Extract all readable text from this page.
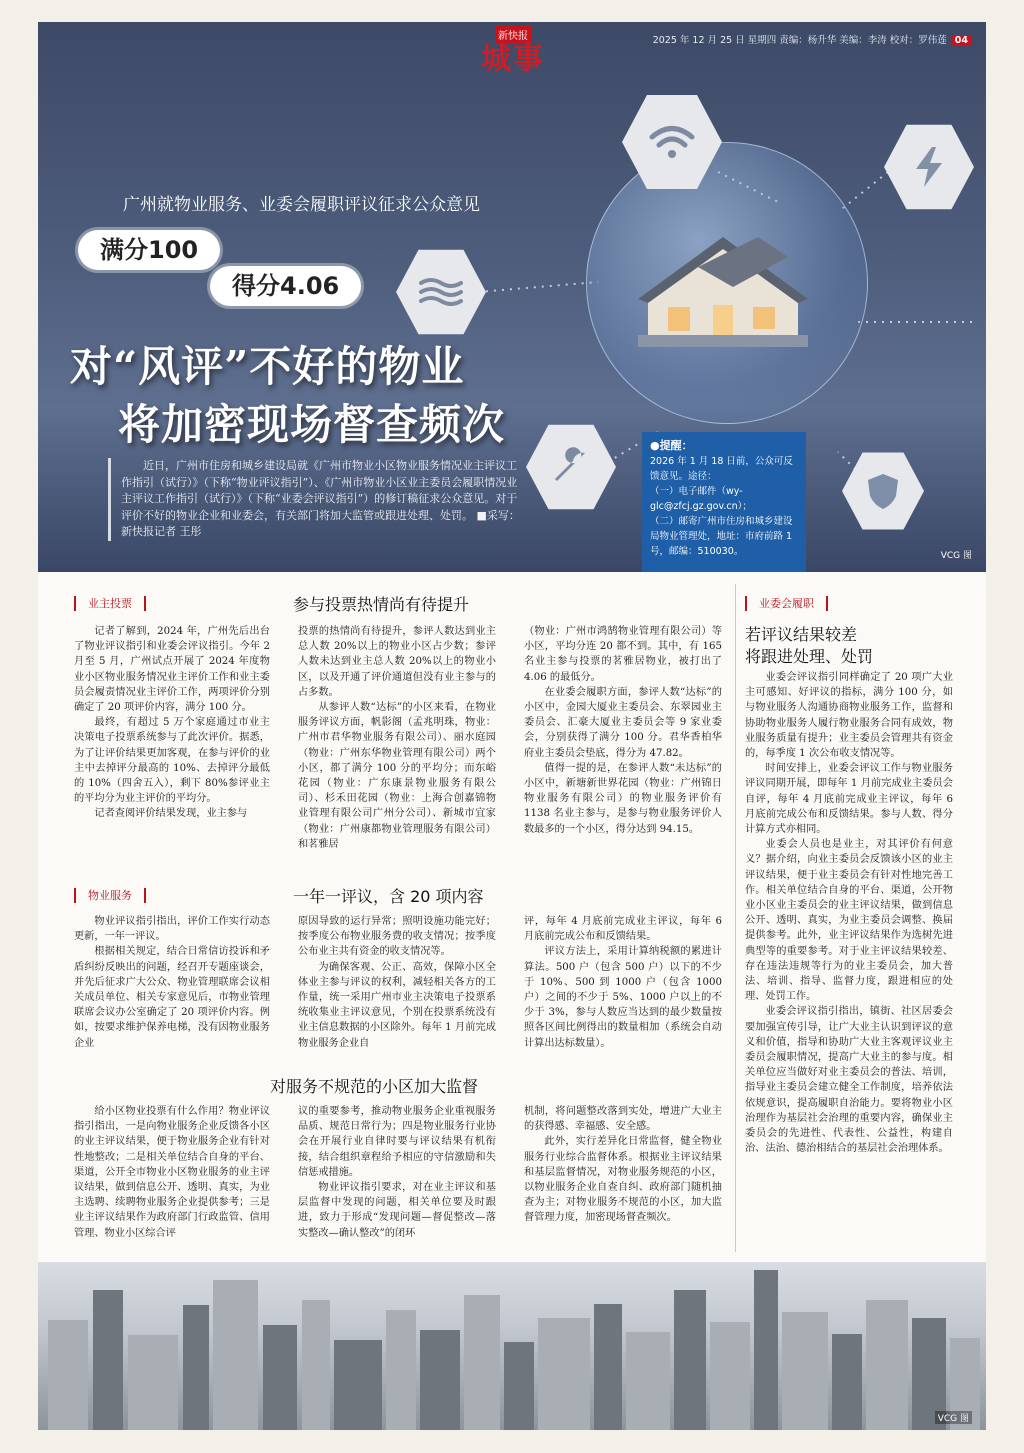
新快报
城事
2025 年 12 月 25 日 星期四 责编：杨升华 美编：李涛 校对：罗伟莲 04
广州就物业服务、业委会履职评议征求公众意见
满分100
得分4.06
对“风评”不好的物业
将加密现场督查频次
近日，广州市住房和城乡建设局就《广州市物业小区物业服务情况业主评议工作指引（试行）》（下称“物业评议指引”）、《广州市物业小区业主委员会履职情况业主评议工作指引（试行）》（下称“业委会评议指引”）的修订稿征求公众意见。对于评价不好的物业企业和业委会，有关部门将加大监管或跟进处理、处罚。 ■采写：新快报记者 王彤
●提醒：
2026 年 1 月 18 日前，公众可反馈意见。途径：
（一）电子邮件（wy-glc@zfcj.gz.gov.cn）；
（二）邮寄广州市住房和城乡建设局物业管理处，地址：市府前路 1 号，邮编：510030。	VCG 图
业主投票	参与投票热情尚有待提升

记者了解到，2024 年，广州先后出台了物业评议指引和业委会评议指引。今年 2 月至 5 月，广州试点开展了 2024 年度物业小区物业服务情况业主评价工作和业主委员会履责情况业主评价工作，两项评价分别确定了 20 项评价内容，满分 100 分。

最终，有超过 5 万个家庭通过市业主决策电子投票系统参与了此次评价。据悉，为了让评价结果更加客观，在参与评价的业主中去掉评分最高的 10%、去掉评分最低的 10%（四舍五入），剩下 80%参评业主的平均分为业主评价的平均分。

记者查阅评价结果发现，业主参与

投票的热情尚有待提升，参评人数达到业主总人数 20%以上的物业小区占少数；参评人数未达到业主总人数 20%以上的物业小区，以及开通了评价通道但没有业主参与的占多数。

从参评人数“达标”的小区来看，在物业服务评议方面，帆影阁（孟兆明珠，物业：广州市君华物业服务有限公司）、丽水庭园（物业：广州东华物业管理有限公司）两个小区，都了满分 100 分的平均分；而东峪花园（物业：广东康景物业服务有限公司）、杉禾田花园（物业：上海合创嘉锦物业管理有限公司广州分公司）、新城市宜家（物业：广州康都物业管理服务有限公司）和茗雅居

（物业：广州市鸿鹄物业管理有限公司）等小区，平均分连 20 都不到。其中，有 165 名业主参与投票的茗雅居物业，被打出了 4.06 的最低分。

在业委会履职方面，参评人数“达标”的小区中，金园大厦业主委员会、东翠园业主委员会、汇豪大厦业主委员会等 9 家业委会，分别获得了满分 100 分。君华香柏华府业主委员会垫底，得分为 47.82。

值得一提的是，在参评人数“未达标”的小区中，新塘新世界花园（物业：广州锦日物业服务有限公司）的物业服务评价有 1138 名业主参与，是参与物业服务评价人数最多的一个小区，得分达到 94.15。

物业服务	一年一评议，含 20 项内容

物业评议指引指出，评价工作实行动态更新，一年一评议。

根据相关规定，结合日常信访投诉和矛盾纠纷反映出的问题，经召开专题座谈会，并先后征求广大公众、物业管理联席会议相关成员单位、相关专家意见后，市物业管理联席会议办公室确定了 20 项评价内容。例如，按要求维护保养电梯，没有因物业服务企业

原因导致的运行异常；照明设施功能完好；按季度公布物业服务费的收支情况；按季度公布业主共有资金的收支情况等。

为确保客观、公正、高效，保障小区全体业主参与评议的权利，减轻相关各方的工作量，统一采用广州市业主决策电子投票系统收集业主评议意见，个别在投票系统没有业主信息数据的小区除外。每年 1 月前完成物业服务企业自

评，每年 4 月底前完成业主评议，每年 6 月底前完成公布和反馈结果。

评议方法上，采用计算纳税额的累进计算法。500 户（包含 500 户）以下的不少于 10%、500 到 1000 户（包含 1000 户）之间的不少于 5%、1000 户以上的不少于 3%，参与人数应当达到的最少数量按照各区间比例得出的数量相加（系统会自动计算出达标数量）。

对服务不规范的小区加大监督

给小区物业投票有什么作用？物业评议指引指出，一是向物业服务企业反馈各小区的业主评议结果，便于物业服务企业有针对性地整改；二是相关单位结合自身的平台、渠道，公开全市物业小区物业服务的业主评议结果，做到信息公开、透明、真实，为业主选聘、续聘物业服务企业提供参考；三是业主评议结果作为政府部门行政监管、信用管理、物业小区综合评

议的重要参考，推动物业服务企业重视服务品质、规范日常行为；四是物业服务行业协会在开展行业自律时要与评议结果有机衔接，结合组织章程给予相应的守信激励和失信惩戒措施。

物业评议指引要求，对在业主评议和基层监督中发现的问题，相关单位要及时跟进，致力于形成“发现问题—督促整改—落实整改—确认整改”的闭环

机制，将问题整改落到实处，增进广大业主的获得感、幸福感、安全感。

此外，实行差异化日常监督，健全物业服务行业综合监督体系。根据业主评议结果和基层监督情况，对物业服务规范的小区，以物业服务企业自查自纠、政府部门随机抽查为主；对物业服务不规范的小区，加大监督管理力度，加密现场督查频次。

业委会履职
若评议结果较差
将跟进处理、处罚

业委会评议指引同样确定了 20 项广大业主可感知、好评议的指标，满分 100 分，如与物业服务人沟通协商物业服务工作，监督和协助物业服务人履行物业服务合同有成效，物业服务质量有提升；业主委员会管理共有资金的，每季度 1 次公布收支情况等。

时间安排上，业委会评议工作与物业服务评议同期开展，即每年 1 月前完成业主委员会自评，每年 4 月底前完成业主评议，每年 6 月底前完成公布和反馈结果。参与人数、得分计算方式亦相同。

业委会人员也是业主，对其评价有何意义？据介绍，向业主委员会反馈该小区的业主评议结果，便于业主委员会有针对性地完善工作。相关单位结合自身的平台、渠道，公开物业小区业主委员会的业主评议结果，做到信息公开、透明、真实，为业主委员会调整、换届提供参考。此外，业主评议结果作为选树先进典型等的重要参考。对于业主评议结果较差、存在违法违规等行为的业主委员会，加大普法、培训、指导、监督力度，跟进相应的处理、处罚工作。

业委会评议指引指出，镇街、社区居委会要加强宣传引导，让广大业主认识到评议的意义和价值，指导和协助广大业主客观评议业主委员会履职情况，提高广大业主的参与度。相关单位应当做好对业主委员会的普法、培训，指导业主委员会建立健全工作制度，培养依法依规意识，提高履职自治能力。要将物业小区治理作为基层社会治理的重要内容，确保业主委员会的先进性、代表性、公益性，构建自治、法治、德治相结合的基层社会治理体系。

VCG 图
